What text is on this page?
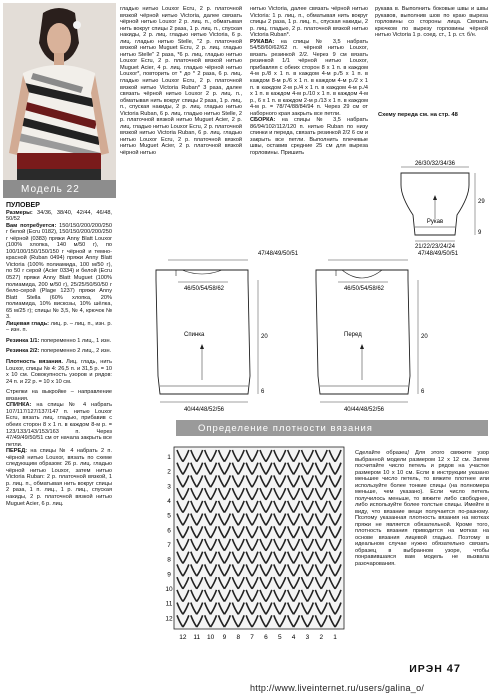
Модель 22

ПУЛОВЕР

Размеры: 34/36, 38/40, 42/44, 46/48, 50/52

Вам потребуется: 150/150/200/200/250 г белой (Ecru 0182), 150/150/200/200/250 г чёрной (0383) пряжи Anny Blatt Louxor (100% хлопка, 140 м/50 г), по 100/100/150/150/150 г чёрной и темно-красной (Ruban 0494) пряжи Anny Blatt Victoria (100% полиамида, 100 м/50 г), по 50 г серой (Acier 0334) и белой (Ecru 0527) пряжи Anny Blatt Muguet (100% полиамида, 200 м/50 г), 25/25/50/50/50 г бело-серой (Plage 1237) пряжи Anny Blatt Stella (60% хлопка, 20% полиамида, 10% вискозы, 10% шёлка, 65 м/25 г); спицы № 3,5, № 4, крючок № 3.

Лицевая гладь: лиц. р. – лиц. п., изн. р. – изн. п.

Резинка 1/1: попеременно 1 лиц., 1 изн.

Резинка 2/2: попеременно 2 лиц., 2 изн.

Плотность вязания. Лиц. гладь, нить Louxor, спицы № 4: 26,5 п. и 31,5 р. = 10 х 10 см. Совокупность узоров и рядов: 24 п. и 22 р. = 10 х 10 см.

Стрелки на выкройке – направление вязания.

СПИНКА: на спицы № 4 набрать 107/117/127/137/147 п. нитью Louxor Ecru, вязать лиц. гладью, прибавив с обеих сторон 8 х 1 п. в каждом 8-м р. = 123/133/143/153/163 п. Через 47/49/49/50/51 см от начала закрыть все петли.

ПЕРЕД: на спицы № 4 набрать 2 п. чёрной нитью Louxor, вязать по схеме следующим образом: 26 р. лиц. гладью чёрной нитью Louxor, затем нитью Victoria Ruban: 2 р. платочной вязкой, 1 р. лиц. п., обматывая нить вокруг спицы 2 раза, 1 п. лиц., 1 р. лиц., спуская накиды, 2 р. платочной вязкой нитью Muguet Acier, 6 р. лиц.

гладью нитью Louxor Ecru, 2 р. платочной вязкой чёрной нитью Victoria, далее связать чёрной нитью Louxor 2 р. лиц. п., обматывая нить вокруг спицы 2 раза, 1 р. лиц. п., спуская накиды, 2 р. лиц. гладью нитью Victoria, 6 р. лиц. гладью нитью Stelle, "2 р. платочной вязкой нитью Muguet Ecru, 2 р. лиц. гладью нитью Stelle" 2 раза, *6 р. лиц. гладью нитью Louxor Ecru, 2 р. платочной вязкой нитью Muguet Acier, 4 р. лиц. гладью чёрной нитью Louxor*, повторить от * до * 2 раза, 6 р. лиц. гладью нитью Louxor Ecru, 2 р. платочной вязкой нитью Victoria Ruban* 3 раза, далее связать чёрной нитью Louxor 2 р. лиц. п., обматывая нить вокруг спицы 2 раза, 1 р. лиц. п., спуская накиды, 2 р. лиц. гладью нитью Victoria Ruban, 6 р. лиц. гладью нитью Stelle, 2 р. платочной вязкой нитью Muguet Acier, 2 р. лиц. гладью нитью Louxor Ecru, 2 р. платочной вязкой нитью Victoria Ruban, 6 р. лиц. гладью нитью Louxor Ecru, 2 р. платочной вязкой нитью Muguet Acier, 2 р. платочной вязкой чёрной нитью

нитью Victoria, далее связать чёрной нитью Victoria: 1 р. лиц. п., обматывая нить вокруг спицы 2 раза, 1 р. лиц. п., спуская накиды, 2 р. лиц. гладью, 2 р. платочной вязкой нитью Victoria Ruban*.

РУКАВА: на спицы № 3,5 набрать 54/58/60/62/62 п. чёрной нитью Louxor, вязать резинкой 2/2. Через 9 см вязать резинкой 1/1 чёрной нитью Louxor, прибавляя с обеих сторон 8 х 1 п. в каждом 4-м р./8 х 1 п. в каждом 4-м р./5 х 1 п. в каждом 8-м р./6 х 1 п. в каждом 4-м р./2 х 1 п. в каждом 2-м р./4 х 1 п. в каждом 4-м р./4 х 1 п. в каждом 4-м р./10 х 1 п. в каждом 4-м р., 6 х 1 п. в каждом 2-м р./13 х 1 п. в каждом 4-м р. = 78/74/88/84/94 п. Через 29 см от наборного края закрыть все петли.

СБОРКА: на спицы № 3,5 набрать 86/94/102/112/120 п. нитью Ruban по низу спинки и переда, связать резинкой 2/2 6 см и закрыть все петли. Выполнить плечевые швы, оставив средние 25 см для выреза горловины. Пришить

рукава в. Выполнить боковые швы и швы рукавов, выполнив шов по краю выреза горловины со стороны лица. Связать крючком по вырезу горловины чёрной нитью Victoria 1 р. соед. ст., 1 р. ст. б/н.

Схему переда см. на стр. 48
26/30/32/34/36
29
9
Рукав
21/22/23/24/24
47/48/49/50/51
46/50/54/58/62
Спинка	20
6
40/44/48/52/56
47/48/49/50/51
46/50/54/58/62
Перед	20
6
40/44/48/52/56
Определение плотности вязания
1
2
3
4
5
6
7
8
9
10
11
12
12 11 10 9 8 7 6 5 4 3 2 1

Сделайте образец! Для этого свяжите узор выбранной модели размером 12 х 12 см. Затем посчитайте число петель и рядов на участке размером 10 х 10 см. Если в инструкции указано меньшее число петель, то вяжите плотнее или используйте более тонкие спицы (на полномера меньше, чем указано). Если число петель получилось меньше, то вяжите либо свободнее, либо используйте более толстые спицы. Имейте в виду, что вязание вещи получается по-разному. Поэтому указанная плотность вязания на мотках пряжи не является обязательной. Кроме того, плотность вязания приводится на мотках на основе вязания лицевой гладью. Поэтому в идеальном случае нужно обязательно связать образец в выбранном узоре, чтобы понравившаяся вам модель не вызвала разочарования.

ИРЭН 47
http://www.liveinternet.ru/users/galina_o/
